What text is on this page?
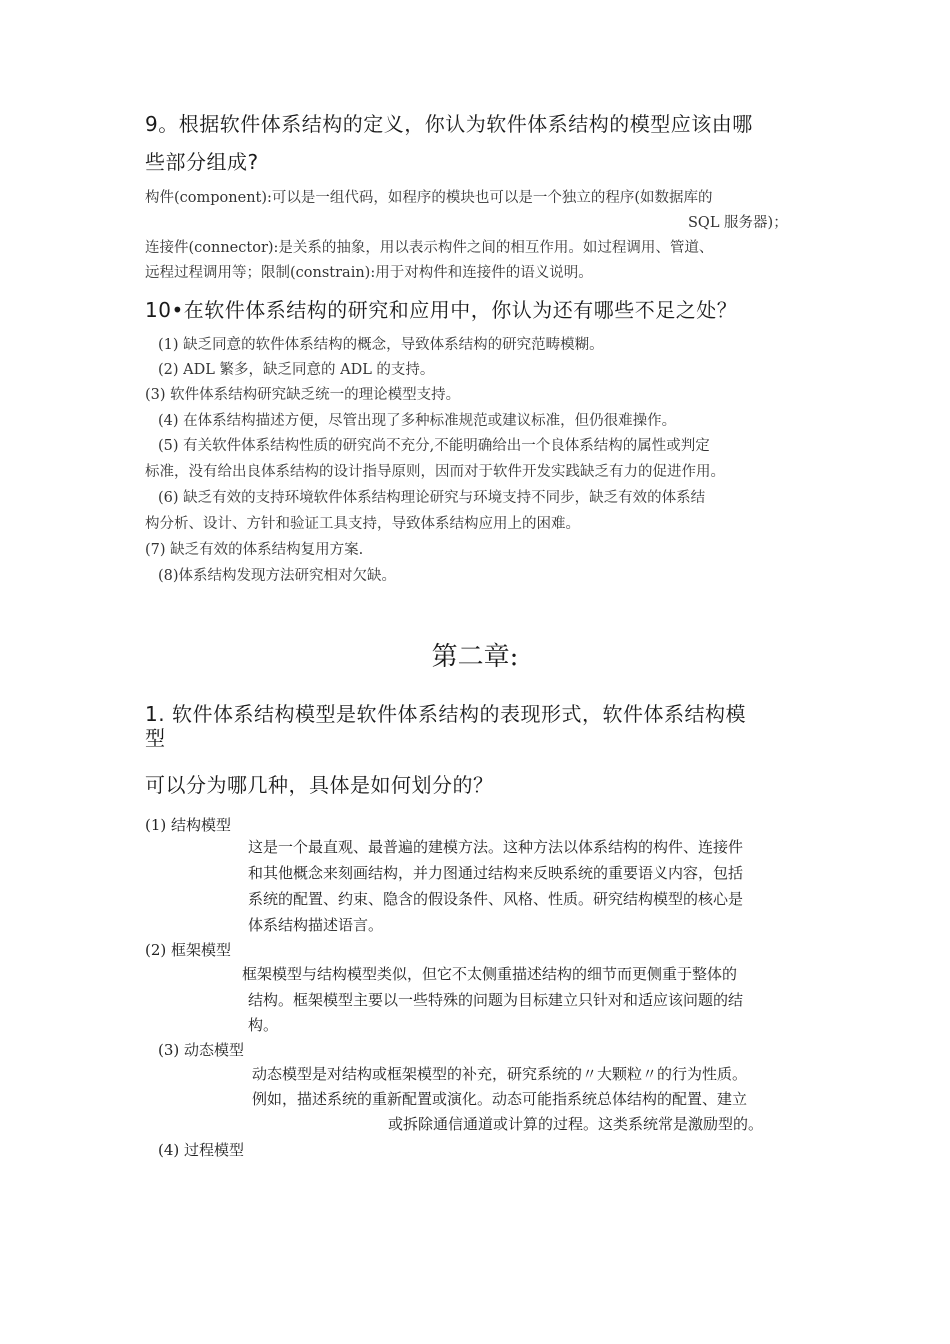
9。根据软件体系结构的定义，你认为软件体系结构的模型应该由哪
些部分组成?
构件(component):可以是一组代码，如程序的模块也可以是一个独立的程序(如数据库的
SQL 服务器)；
连接件(connector):是关系的抽象，用以表示构件之间的相互作用。如过程调用、管道、
远程过程调用等；限制(constrain):用于对构件和连接件的语义说明。
10•在软件体系结构的研究和应用中，你认为还有哪些不足之处？
(1) 缺乏同意的软件体系结构的概念，导致体系结构的研究范畴模糊。
(2) ADL 繁多，缺乏同意的 ADL 的支持。
(3) 软件体系结构研究缺乏统一的理论模型支持。
(4) 在体系结构描述方便，尽管出现了多种标准规范或建议标准，但仍很难操作。
(5) 有关软件体系结构性质的研究尚不充分,不能明确给出一个良体系结构的属性或判定
标准，没有给出良体系结构的设计指导原则，因而对于软件开发实践缺乏有力的促进作用。
(6) 缺乏有效的支持环境软件体系结构理论研究与环境支持不同步，缺乏有效的体系结
构分析、设计、方针和验证工具支持，导致体系结构应用上的困难。
(7) 缺乏有效的体系结构复用方案.
(8)体系结构发现方法研究相对欠缺。
第二章:
1. 软件体系结构模型是软件体系结构的表现形式，软件体系结构模
型
可以分为哪几种，具体是如何划分的？
(1) 结构模型
这是一个最直观、最普遍的建模方法。这种方法以体系结构的构件、连接件
和其他概念来刻画结构，并力图通过结构来反映系统的重要语义内容，包括
系统的配置、约束、隐含的假设条件、风格、性质。研究结构模型的核心是
体系结构描述语言。
(2) 框架模型
框架模型与结构模型类似，但它不太侧重描述结构的细节而更侧重于整体的
结构。框架模型主要以一些特殊的问题为目标建立只针对和适应该问题的结
构。
(3) 动态模型
动态模型是对结构或框架模型的补充，研究系统的〃大颗粒〃的行为性质。
例如，描述系统的重新配置或演化。动态可能指系统总体结构的配置、建立
或拆除通信通道或计算的过程。这类系统常是激励型的。
(4) 过程模型
